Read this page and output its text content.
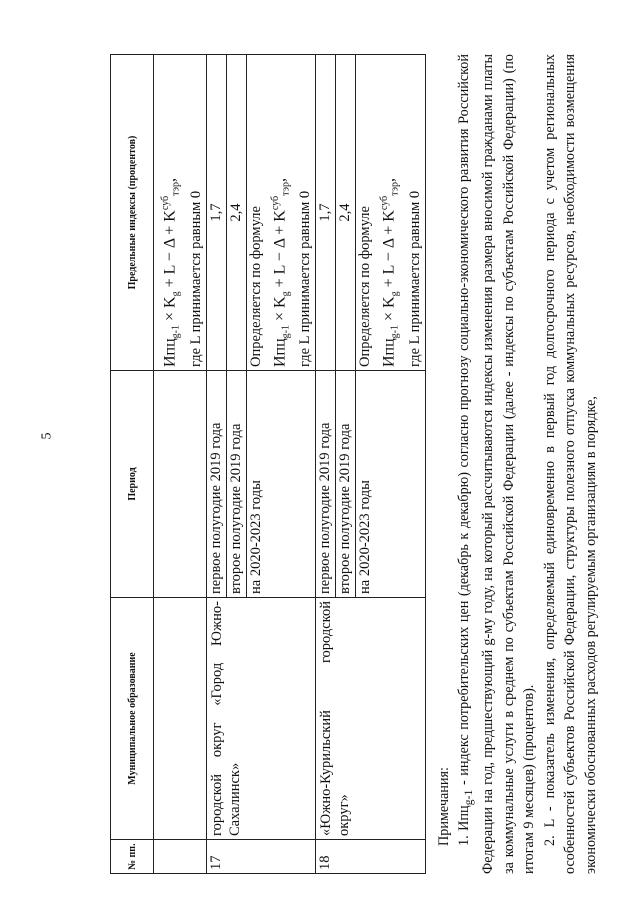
5
№ пп.	Муниципальное образование	Период	Предельные индексы (процентов)

			$Ипц_{g-1} \times K_g + L - \Delta + K^{суб}_{тэр}$,
где L принимается равным 0

17	городской округ «Город Южно- Сахалинск»	первое полугодие 2019 года	1,7
		второе полугодие 2019 года	2,4
		на 2020-2023 годы	Определяется по формуле $Ипц_{g-1} \times K_g + L - \Delta + K^{суб}_{тэр}$,
где L принимается равным 0

18	«Южно-Курильский городской округ»	первое полугодие 2019 года	1,7
		второе полугодие 2019 года	2,4
		на 2020-2023 годы	Определяется по формуле $Ипц_{g-1} \times K_g + L - \Delta + K^{суб}_{тэр}$,
где L принимается равным 0

Примечания: 1. Ипц$_{g-1}$ - индекс потребительских цен (декабрь к декабрю) согласно прогнозу социально-экономического развития Российской Федерации на год, предшествующий g-му году, на который рассчитываются индексы изменения размера вносимой гражданами платы за коммунальные услуги в среднем по субъектам Российской Федерации (далее - индексы по субъектам Российской Федерации) (по итогам 9 месяцев) (процентов). 2. L - показатель изменения, определяемый единовременно в первый год долгосрочного периода с учетом региональных особенностей субъектов Российской Федерации, структуры полезного отпуска коммунальных ресурсов, необходимости возмещения экономически обоснованных расходов регулируемым организациям в порядке,
